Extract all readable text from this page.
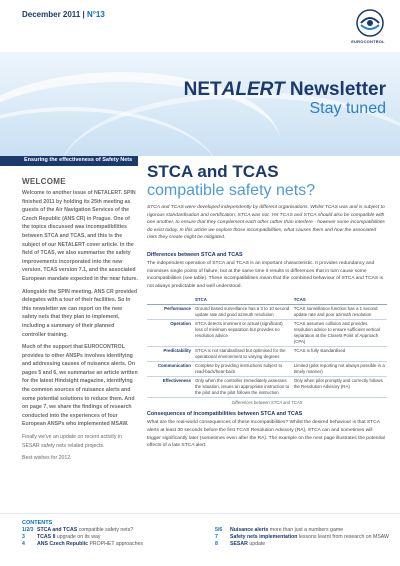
December 2011 | N°13
EUROCONTROL
NETALERT Newsletter
Stay tuned
Ensuring the effectiveness of Safety Nets
WELCOME

Welcome to another issue of NETALERT. SPIN finished 2011 by holding its 25th meeting as guests of the Air Navigation Services of the Czech Republic (ANS CR) in Prague. One of the topics discussed was incompatibilities between STCA and TCAS, and this is the subject of our NETALERT cover article. In the field of TCAS, we also summarise the safety improvements incorporated into the new version, TCAS version 7.1, and the associated European mandate expected in the near future.

Alongside the SPIN meeting, ANS CR provided delegates with a tour of their facilities. So in this newsletter we can report on the new safety nets that they plan to implement, including a summary of their planned controller training.

Much of the support that EUROCONTROL provides to other ANSPs involves identifying and addressing causes of nuisance alerts. On pages 5 and 6, we summarise an article written for the latest Hindsight magazine, identifying the common sources of nuisance alerts and some potential solutions to reduce them. And on page 7, we share the findings of research conducted into the experiences of four European ANSPs who implemented MSAW.

Finally we've an update on recent activity in SESAR safety nets related projects.

Best wishes for 2012.

STCA and TCAS
compatible safety nets?

STCA and TCAS were developed independently by different organisations. Whilst TCAS was and is subject to rigorous standardisation and certification, STCA was not. Yet TCAS and STCA should also be compatible with one another, to ensure that they complement each other rather than interfere - however some incompatibilities do exist today. In this article we explore those incompatibilities, what causes them and how the associated risks they create might be mitigated.

Differences between STCA and TCAS

The independent operation of STCA and TCAS is an important characteristic. It provides redundancy and minimises single points of failure, but at the same time it results in differences that in turn cause some incompatibilities (see table). These incompatibilities mean that the combined behaviour of STCA and TCAS is not always predictable and well understood.

	STCA	TCAS
Performance	Ground based surveillance has a 3 to 10 second update rate and good azimuth resolution	TCAS surveillance function has a 1 second update rate and poor azimuth resolution
Operation	STCA detects imminent or actual (significant) loss of minimum separation but provides no resolution advice	TCAS assumes collision and provides resolution advice to ensure sufficient vertical separation at the Closest Point of Approach (CPA)
Predictability	STCA is not standardised but optimised for the operational environment to varying degrees	TCAS is fully standardised
Communication	Complete by providing instructions subject to read-back/hear-back	Limited (pilot reporting not always possible in a timely manner)
Effectiveness	Only when the controller immediately assesses the situation, issues an appropriate instruction to the pilot and the pilot follows the instruction	Only when pilot promptly and correctly follows the Resolution Advisory (RA)
Differences between STCA and TCAS
Consequences of incompatibilities between STCA and TCAS

What are the real-world consequences of these incompatibilities? Whilst the desired behaviour is that STCA alerts at least 30 seconds before the first TCAS Resolution Advisory (RA), STCA can and sometimes will trigger significantly later (sometimes even after the RA). The example on the next page illustrates the potential effects of a late STCA alert.

CONTENTS
1/2/3 STCA and TCAS compatible safety nets?
3 TCAS II upgrade on its way
4 ANS Czech Republic PROPHET approaches
5/6 Nuisance alerts more than just a numbers game
7 Safety nets implementation lessons learnt from research on MSAW
8 SESAR update
